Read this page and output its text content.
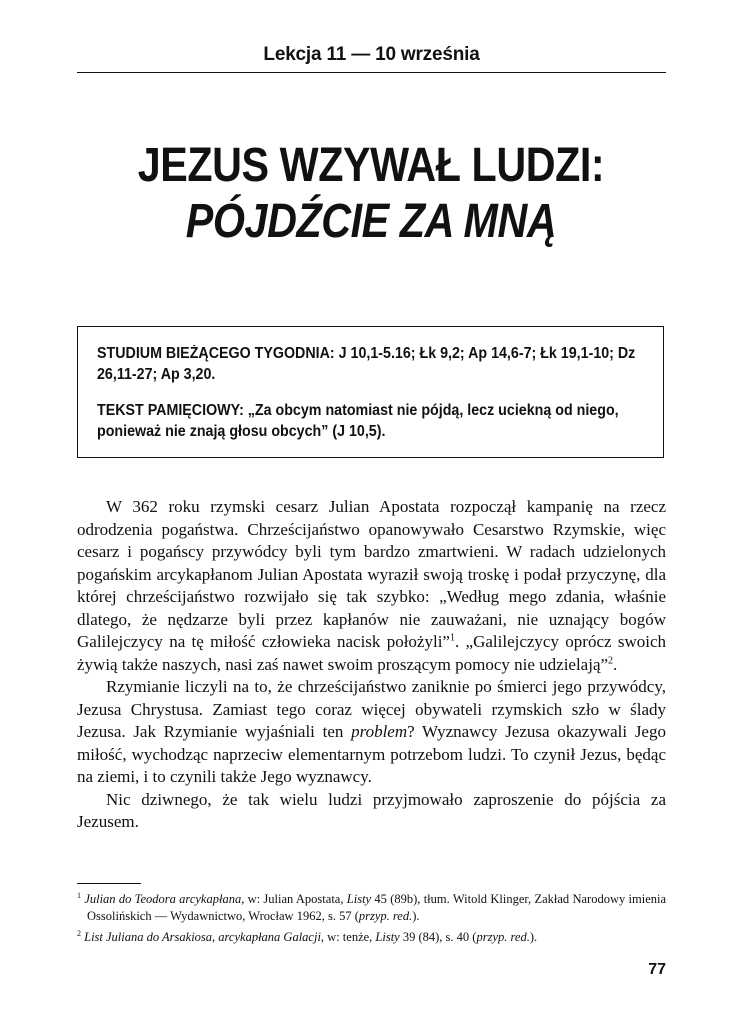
Lekcja 11 — 10 września
JEZUS WZYWAŁ LUDZI:

PÓJDŹCIE ZA MNĄ

STUDIUM BIEŻĄCEGO TYGODNIA: J 10,1-5.16; Łk 9,2; Ap 14,6-7; Łk 19,1-10; Dz 26,11-27; Ap 3,20.

TEKST PAMIĘCIOWY: „Za obcym natomiast nie pójdą, lecz uciekną od niego, ponieważ nie znają głosu obcych” (J 10,5).

W 362 roku rzymski cesarz Julian Apostata rozpoczął kampanię na rzecz odrodzenia pogaństwa. Chrześcijaństwo opanowywało Cesarstwo Rzymskie, więc cesarz i pogańscy przywódcy byli tym bardzo zmartwieni. W radach udzielonych pogańskim arcykapłanom Julian Apostata wyraził swoją troskę i podał przyczynę, dla której chrześcijaństwo rozwijało się tak szybko: „Według mego zdania, właśnie dlatego, że nędzarze byli przez kapłanów nie zauważani, nie uznający bogów Galilejczycy na tę miłość człowieka nacisk położyli”$^1$. „Galilejczycy oprócz swoich żywią także naszych, nasi zaś nawet swoim proszącym pomocy nie udzielają”$^2$.

Rzymianie liczyli na to, że chrześcijaństwo zaniknie po śmierci jego przywódcy, Jezusa Chrystusa. Zamiast tego coraz więcej obywateli rzymskich szło w ślady Jezusa. Jak Rzymianie wyjaśniali ten problem? Wyznawcy Jezusa okazywali Jego miłość, wychodząc naprzeciw elementarnym potrzebom ludzi. To czynił Jezus, będąc na ziemi, i to czynili także Jego wyznawcy.

Nic dziwnego, że tak wielu ludzi przyjmowało zaproszenie do pójścia za Jezusem.

$^1$ Julian do Teodora arcykapłana, w: Julian Apostata, Listy 45 (89b), tłum. Witold Klinger, Zakład Narodowy imienia Ossolińskich — Wydawnictwo, Wrocław 1962, s. 57 (przyp. red.).

$^2$ List Juliana do Arsakiosa, arcykapłana Galacji, w: tenże, Listy 39 (84), s. 40 (przyp. red.).

77
